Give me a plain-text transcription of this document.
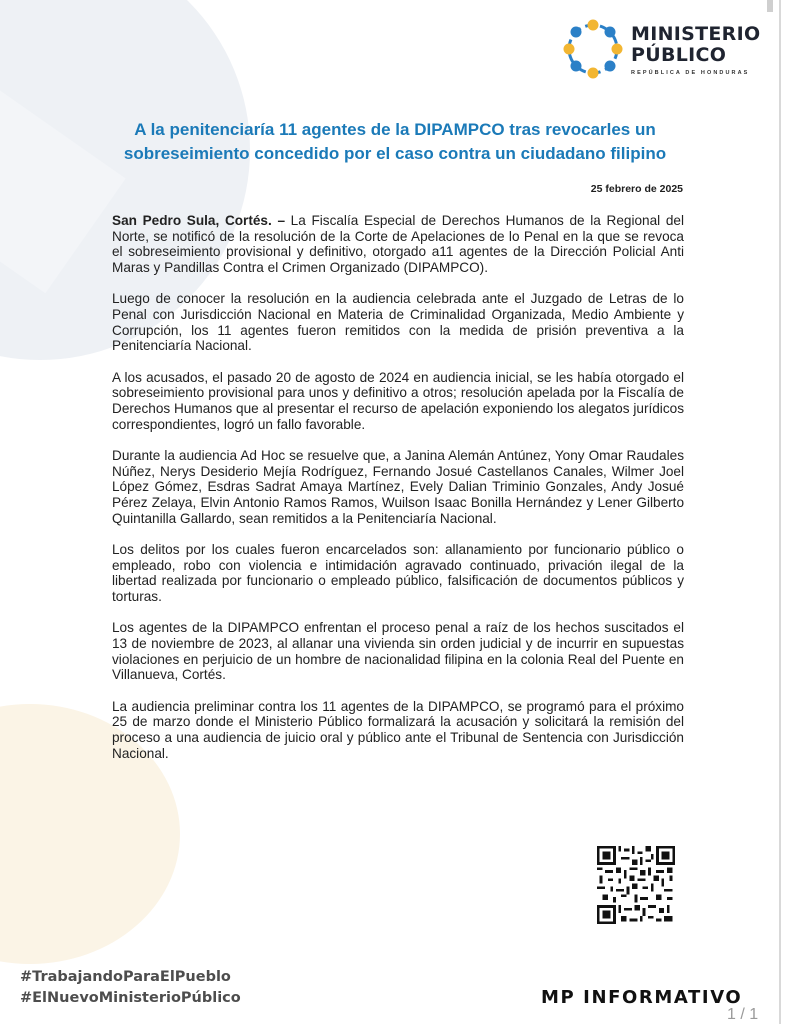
MINISTERIO
PÚBLICO
REPÚBLICA DE HONDURAS
A la penitenciaría 11 agentes de la DIPAMPCO tras revocarles un sobreseimiento concedido por el caso contra un ciudadano filipino
25 febrero de 2025

San Pedro Sula, Cortés. – La Fiscalía Especial de Derechos Humanos de la Regional del Norte, se notificó de la resolución de la Corte de Apelaciones de lo Penal en la que se revoca el sobreseimiento provisional y definitivo, otorgado a11 agentes de la Dirección Policial Anti Maras y Pandillas Contra el Crimen Organizado (DIPAMPCO).

Luego de conocer la resolución en la audiencia celebrada ante el Juzgado de Letras de lo Penal con Jurisdicción Nacional en Materia de Criminalidad Organizada, Medio Ambiente y Corrupción, los 11 agentes fueron remitidos con la medida de prisión preventiva a la Penitenciaría Nacional.

A los acusados, el pasado 20 de agosto de 2024 en audiencia inicial, se les había otorgado el sobreseimiento provisional para unos y definitivo a otros; resolución apelada por la Fiscalía de Derechos Humanos que al presentar el recurso de apelación exponiendo los alegatos jurídicos correspondientes, logró un fallo favorable.

Durante la audiencia Ad Hoc se resuelve que, a Janina Alemán Antúnez, Yony Omar Raudales Núñez, Nerys Desiderio Mejía Rodríguez, Fernando Josué Castellanos Canales, Wilmer Joel López Gómez, Esdras Sadrat Amaya Martínez, Evely Dalian Triminio Gonzales, Andy Josué Pérez Zelaya, Elvin Antonio Ramos Ramos, Wuilson Isaac Bonilla Hernández y Lener Gilberto Quintanilla Gallardo, sean remitidos a la Penitenciaría Nacional.

Los delitos por los cuales fueron encarcelados son: allanamiento por funcionario público o empleado, robo con violencia e intimidación agravado continuado, privación ilegal de la libertad realizada por funcionario o empleado público, falsificación de documentos públicos y torturas.

Los agentes de la DIPAMPCO enfrentan el proceso penal a raíz de los hechos suscitados el 13 de noviembre de 2023, al allanar una vivienda sin orden judicial y de incurrir en supuestas violaciones en perjuicio de un hombre de nacionalidad filipina en la colonia Real del Puente en Villanueva, Cortés.

La audiencia preliminar contra los 11 agentes de la DIPAMPCO, se programó para el próximo 25 de marzo donde el Ministerio Público formalizará la acusación y solicitará la remisión del proceso a una audiencia de juicio oral y público ante el Tribunal de Sentencia con Jurisdicción Nacional.

#TrabajandoParaElPueblo
#ElNuevoMinisterioPúblico	MP INFORMATIVO
1 / 1
